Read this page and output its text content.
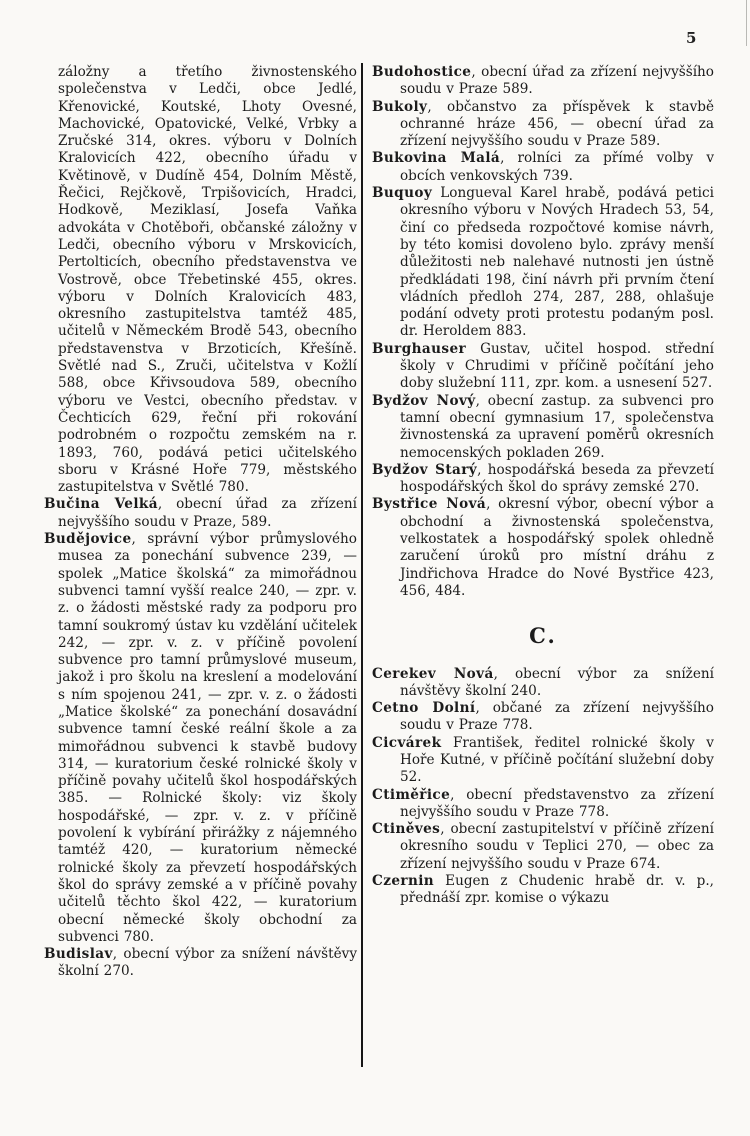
5

záložny a třetího živnostenského společenstva v Ledči, obce Jedlé, Křenovické, Koutské, Lhoty Ovesné, Machovické, Opatovické, Velké, Vrbky a Zručské 314, okres. výboru v Dolních Kralovicích 422, obecního úřadu v Květinově, v Dudíně 454, Dolním Městě, Řečici, Rejčkově, Trpišovicích, Hradci, Hodkově, Meziklasí, Josefa Vaňka advokáta v Chotěboři, občanské záložny v Ledči, obecního výboru v Mrskovicích, Pertolticích, obecního představenstva ve Vostrově, obce Třebetinské 455, okres. výboru v Dolních Kralovicích 483, okresního zastupitelstva tamtéž 485, učitelů v Německém Brodě 543, obecního představenstva v Brzoticích, Křešíně. Světlé nad S., Zruči, učitelstva v Kožlí 588, obce Křivsoudova 589, obecního výboru ve Vestci, obecního představ. v Čechticích 629, řeční při rokování podrobném o rozpočtu zemském na r. 1893, 760, podává petici učitelského sboru v Krásné Hoře 779, městského zastupitelstva v Světlé 780.

Bučina Velká, obecní úřad za zřízení nejvyššího soudu v Praze, 589.

Budějovice, správní výbor průmyslového musea za ponechání subvence 239, — spolek „Matice školská“ za mimořádnou subvenci tamní vyšší realce 240, — zpr. v. z. o žádosti městské rady za podporu pro tamní soukromý ústav ku vzdělání učitelek 242, — zpr. v. z. v příčině povolení subvence pro tamní průmyslové museum, jakož i pro školu na kreslení a modelování s ním spojenou 241, — zpr. v. z. o žádosti „Matice školské“ za ponechání dosavádní subvence tamní české reální škole a za mimořádnou subvenci k stavbě budovy 314, — kuratorium české rolnické školy v příčině povahy učitelů škol hospodářských 385. — Rolnické školy: viz školy hospodářské, — zpr. v. z. v příčině povolení k vybírání přirážky z nájemného tamtéž 420, — kuratorium německé rolnické školy za převzetí hospodářských škol do správy zemské a v příčině povahy učitelů těchto škol 422, — kuratorium obecní německé školy obchodní za subvenci 780.

Budislav, obecní výbor za snížení návštěvy školní 270.

Budohostice, obecní úřad za zřízení nejvyššího soudu v Praze 589.

Bukoly, občanstvo za příspěvek k stavbě ochranné hráze 456, — obecní úřad za zřízení nejvyššího soudu v Praze 589.

Bukovina Malá, rolníci za přímé volby v obcích venkovských 739.

Buquoy Longueval Karel hrabě, podává petici okresního výboru v Nových Hradech 53, 54, činí co předseda rozpočtové komise návrh, by této komisi dovoleno bylo. zprávy menší důležitosti neb nalehavé nutnosti jen ústně předkládati 198, činí návrh při prvním čtení vládních předloh 274, 287, 288, ohlašuje podání odvety proti protestu podaným posl. dr. Heroldem 883.

Burghauser Gustav, učitel hospod. střední školy v Chrudimi v příčině počítání jeho doby služební 111, zpr. kom. a usnesení 527.

Bydžov Nový, obecní zastup. za subvenci pro tamní obecní gymnasium 17, společenstva živnostenská za upravení poměrů okresních nemocenských pokladen 269.

Bydžov Starý, hospodářská beseda za převzetí hospodářských škol do správy zemské 270.

Bystřice Nová, okresní výbor, obecní výbor a obchodní a živnostenská společenstva, velkostatek a hospodářský spolek ohledně zaručení úroků pro místní dráhu z Jindřichova Hradce do Nové Bystřice 423, 456, 484.

C.

Cerekev Nová, obecní výbor za snížení návštěvy školní 240.

Cetno Dolní, občané za zřízení nejvyššího soudu v Praze 778.

Cicvárek František, ředitel rolnické školy v Hoře Kutné, v příčině počítání služební doby 52.

Ctiměřice, obecní představenstvo za zřízení nejvyššího soudu v Praze 778.

Ctiněves, obecní zastupitelství v příčině zřízení okresního soudu v Teplici 270, — obec za zřízení nejvyššího soudu v Praze 674.

Czernin Eugen z Chudenic hrabě dr. v. p., přednáší zpr. komise o výkazu
